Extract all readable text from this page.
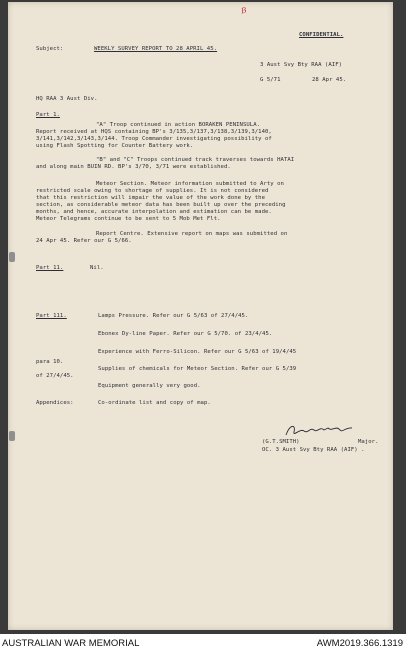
B
CONFIDENTIAL.
Subject:	WEEKLY SURVEY REPORT TO 28 APRIL 45.
3 Aust Svy Bty RAA (AIF)
G 5/71	28 Apr 45.
HQ RAA 3 Aust Div.
Part 1.
"A" Troop continued in action BORAKEN PENINSULA.
Report received at HQS containing BP's 3/135,3/137,3/138,3/139,3/140,
3/141,3/142,3/143,3/144. Troop Commander investigating possibility of
using Flash Spotting for Counter Battery work.
"B" and "C" Troops continued track traverses towards HATAI
and along main BUIN RD. BP's 3/70, 3/71 were established.
Meteor Section. Meteor information submitted to Arty on
restricted scale owing to shortage of supplies. It is not considered
that this restriction will impair the value of the work done by the
section, as considerable meteor data has been built up over the preceding
months, and hence, accurate interpolation and estimation can be made.
Meteor Telegrams continue to be sent to 5 Mob Met Flt.
Report Centre. Extensive report on maps was submitted on
24 Apr 45. Refer our G 5/66.
Part 11.	Nil.
Part 111.	Lamps Pressure. Refer our G 5/63 of 27/4/45.
Ebonex Dy-line Paper. Refer our G 5/70. of 23/4/45.
Experience with Ferro-Silicon. Refer our G 5/63 of 19/4/45
para 10.
Supplies of chemicals for Meteor Section. Refer our G 5/39
of 27/4/45.
Equipment generally very good.
Appendices:	Co-ordinate list and copy of map.
(G.T.SMITH)	Major.
OC. 3 Aust Svy Bty RAA (AIF) .
AUSTRALIAN WAR MEMORIAL	AWM2019.366.1319
